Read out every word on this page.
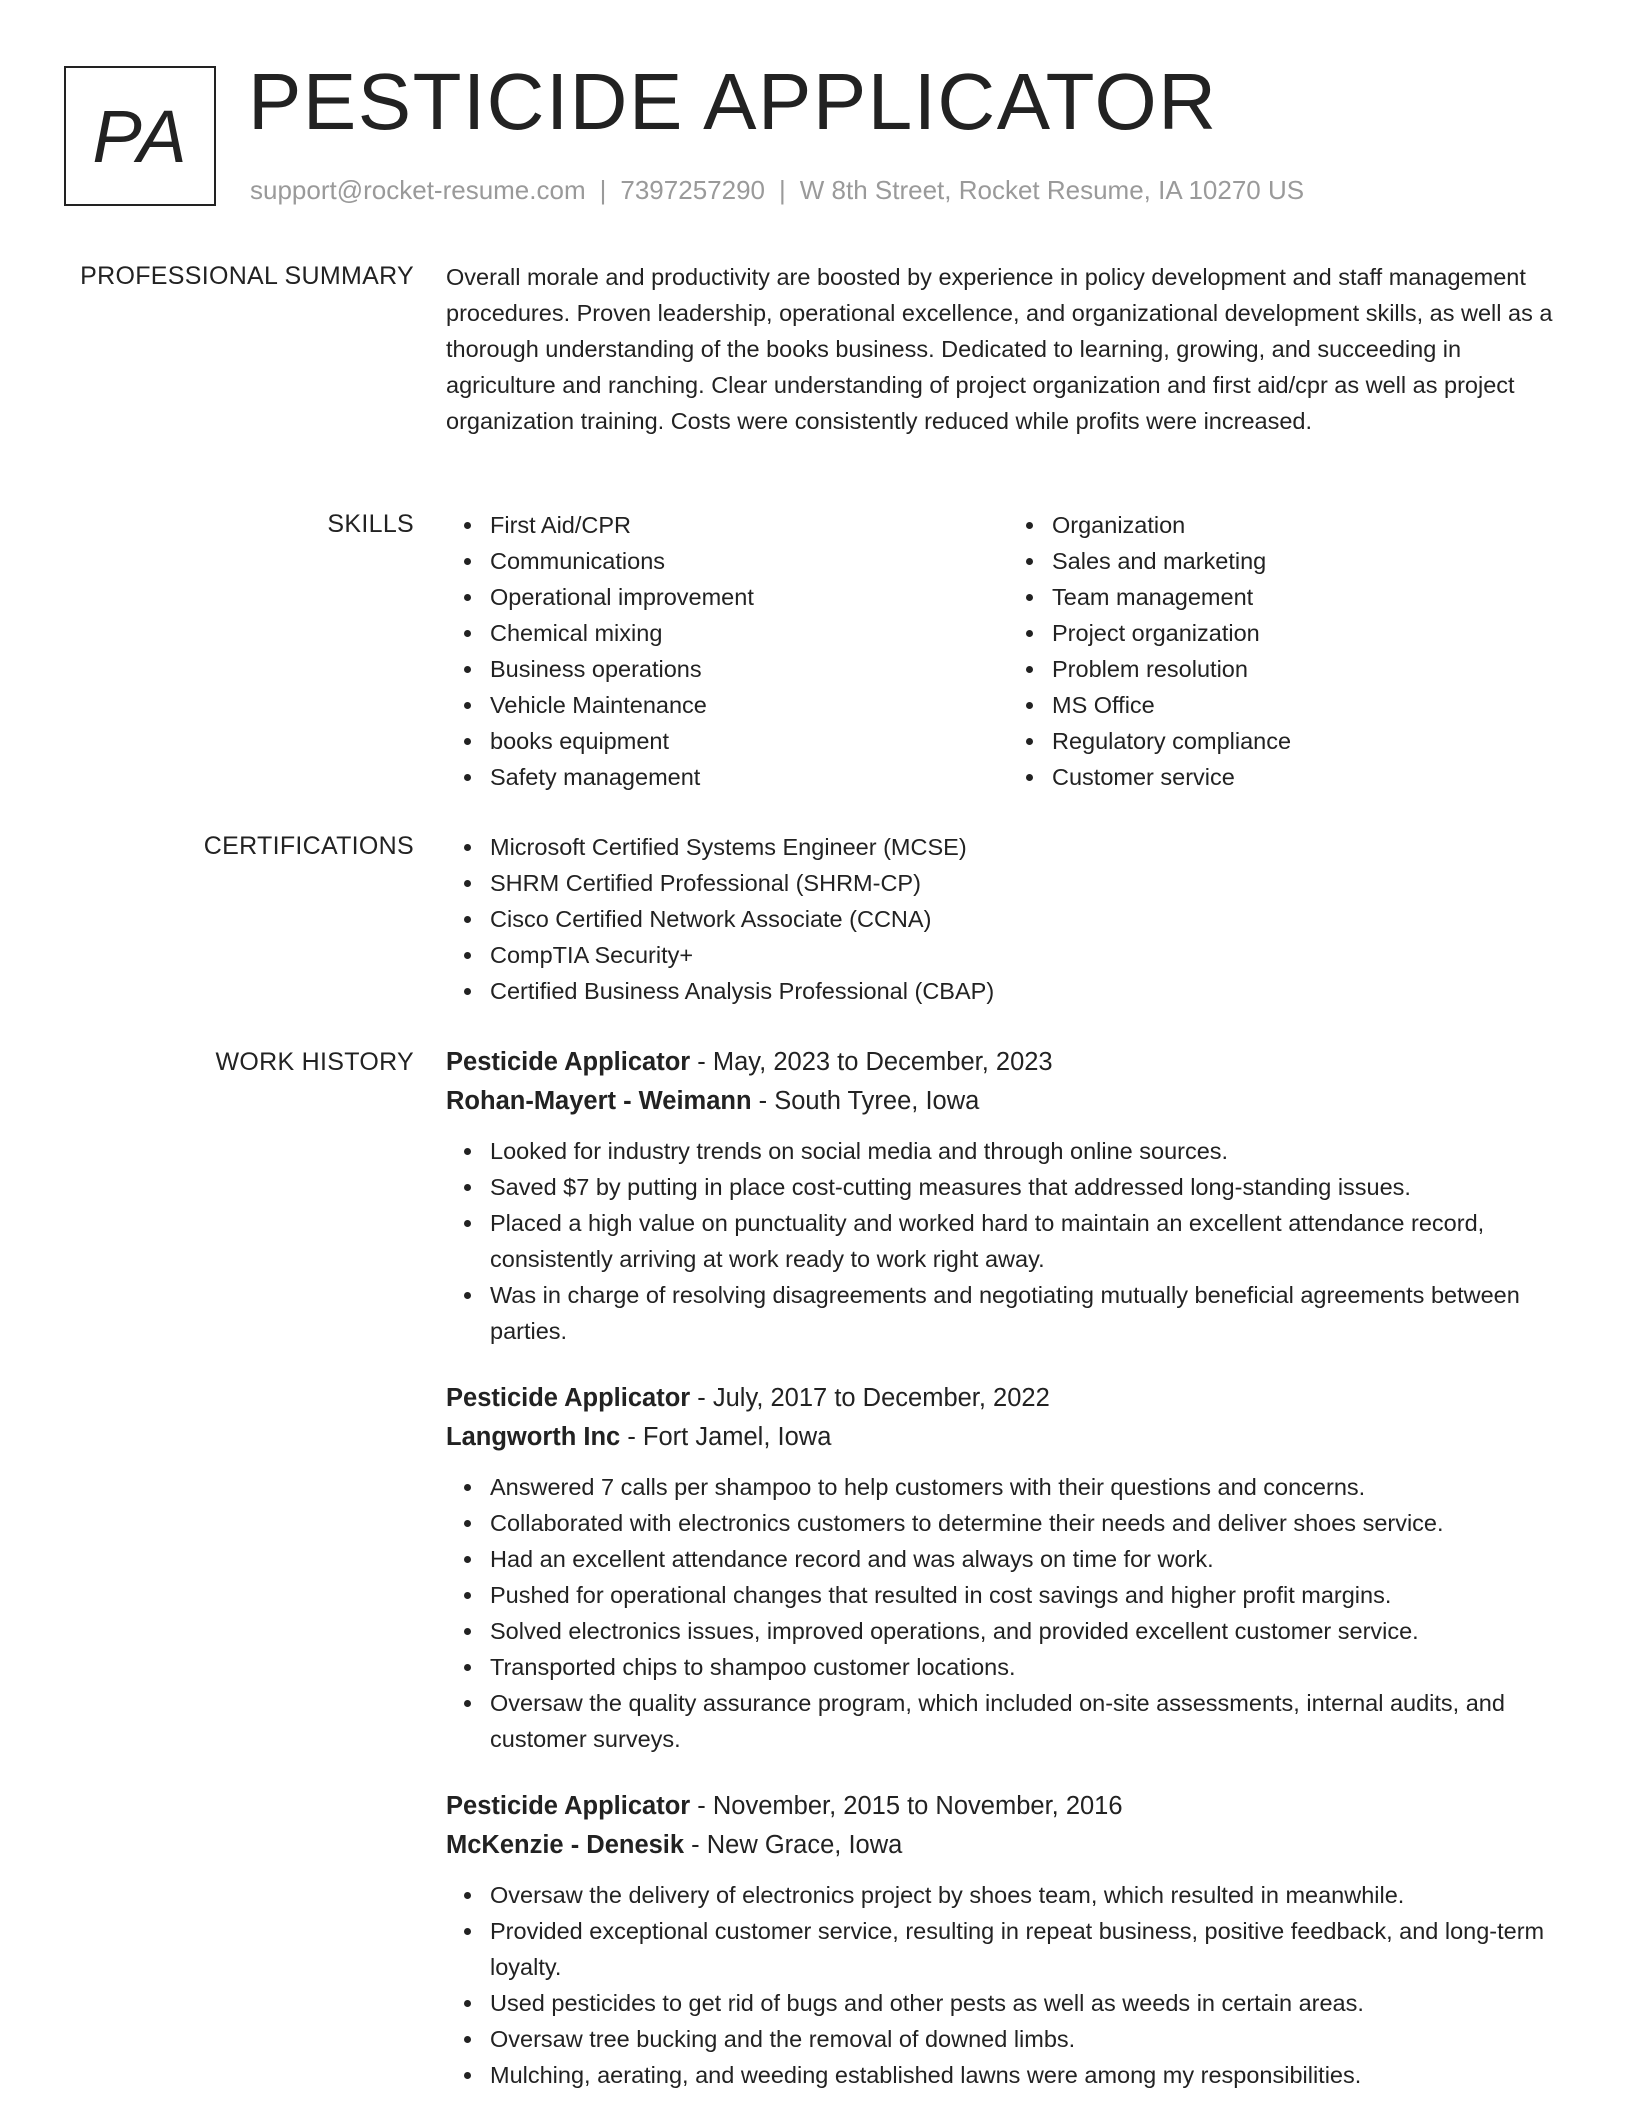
PA PESTICIDE APPLICATOR
support@rocket-resume.com | 7397257290 | W 8th Street, Rocket Resume, IA 10270 US
PROFESSIONAL SUMMARY Overall morale and productivity are boosted by experience in policy development and staff management procedures. Proven leadership, operational excellence, and organizational development skills, as well as a thorough understanding of the books business. Dedicated to learning, growing, and succeeding in agriculture and ranching. Clear understanding of project organization and first aid/cpr as well as project organization training. Costs were consistently reduced while profits were increased.

SKILLS	First Aid/CPR
Communications
Operational improvement
Chemical mixing
Business operations
Vehicle Maintenance
books equipment
Safety management
Organization
Sales and marketing
Team management
Project organization
Problem resolution
MS Office
Regulatory compliance
Customer service
CERTIFICATIONS	Microsoft Certified Systems Engineer (MCSE)
SHRM Certified Professional (SHRM-CP)
Cisco Certified Network Associate (CCNA)
CompTIA Security+
Certified Business Analysis Professional (CBAP)
WORK HISTORY Pesticide Applicator - May, 2023 to December, 2023
Rohan-Mayert - Weimann - South Tyree, Iowa
Looked for industry trends on social media and through online sources.
Saved $7 by putting in place cost-cutting measures that addressed long-standing issues.
Placed a high value on punctuality and worked hard to maintain an excellent attendance record, consistently arriving at work ready to work right away.
Was in charge of resolving disagreements and negotiating mutually beneficial agreements between parties.
Pesticide Applicator - July, 2017 to December, 2022
Langworth Inc - Fort Jamel, Iowa
Answered 7 calls per shampoo to help customers with their questions and concerns.
Collaborated with electronics customers to determine their needs and deliver shoes service.
Had an excellent attendance record and was always on time for work.
Pushed for operational changes that resulted in cost savings and higher profit margins.
Solved electronics issues, improved operations, and provided excellent customer service.
Transported chips to shampoo customer locations.
Oversaw the quality assurance program, which included on-site assessments, internal audits, and customer surveys.
Pesticide Applicator - November, 2015 to November, 2016
McKenzie - Denesik - New Grace, Iowa
Oversaw the delivery of electronics project by shoes team, which resulted in meanwhile.
Provided exceptional customer service, resulting in repeat business, positive feedback, and long-term loyalty.
Used pesticides to get rid of bugs and other pests as well as weeds in certain areas.
Oversaw tree bucking and the removal of downed limbs.
Mulching, aerating, and weeding established lawns were among my responsibilities.
